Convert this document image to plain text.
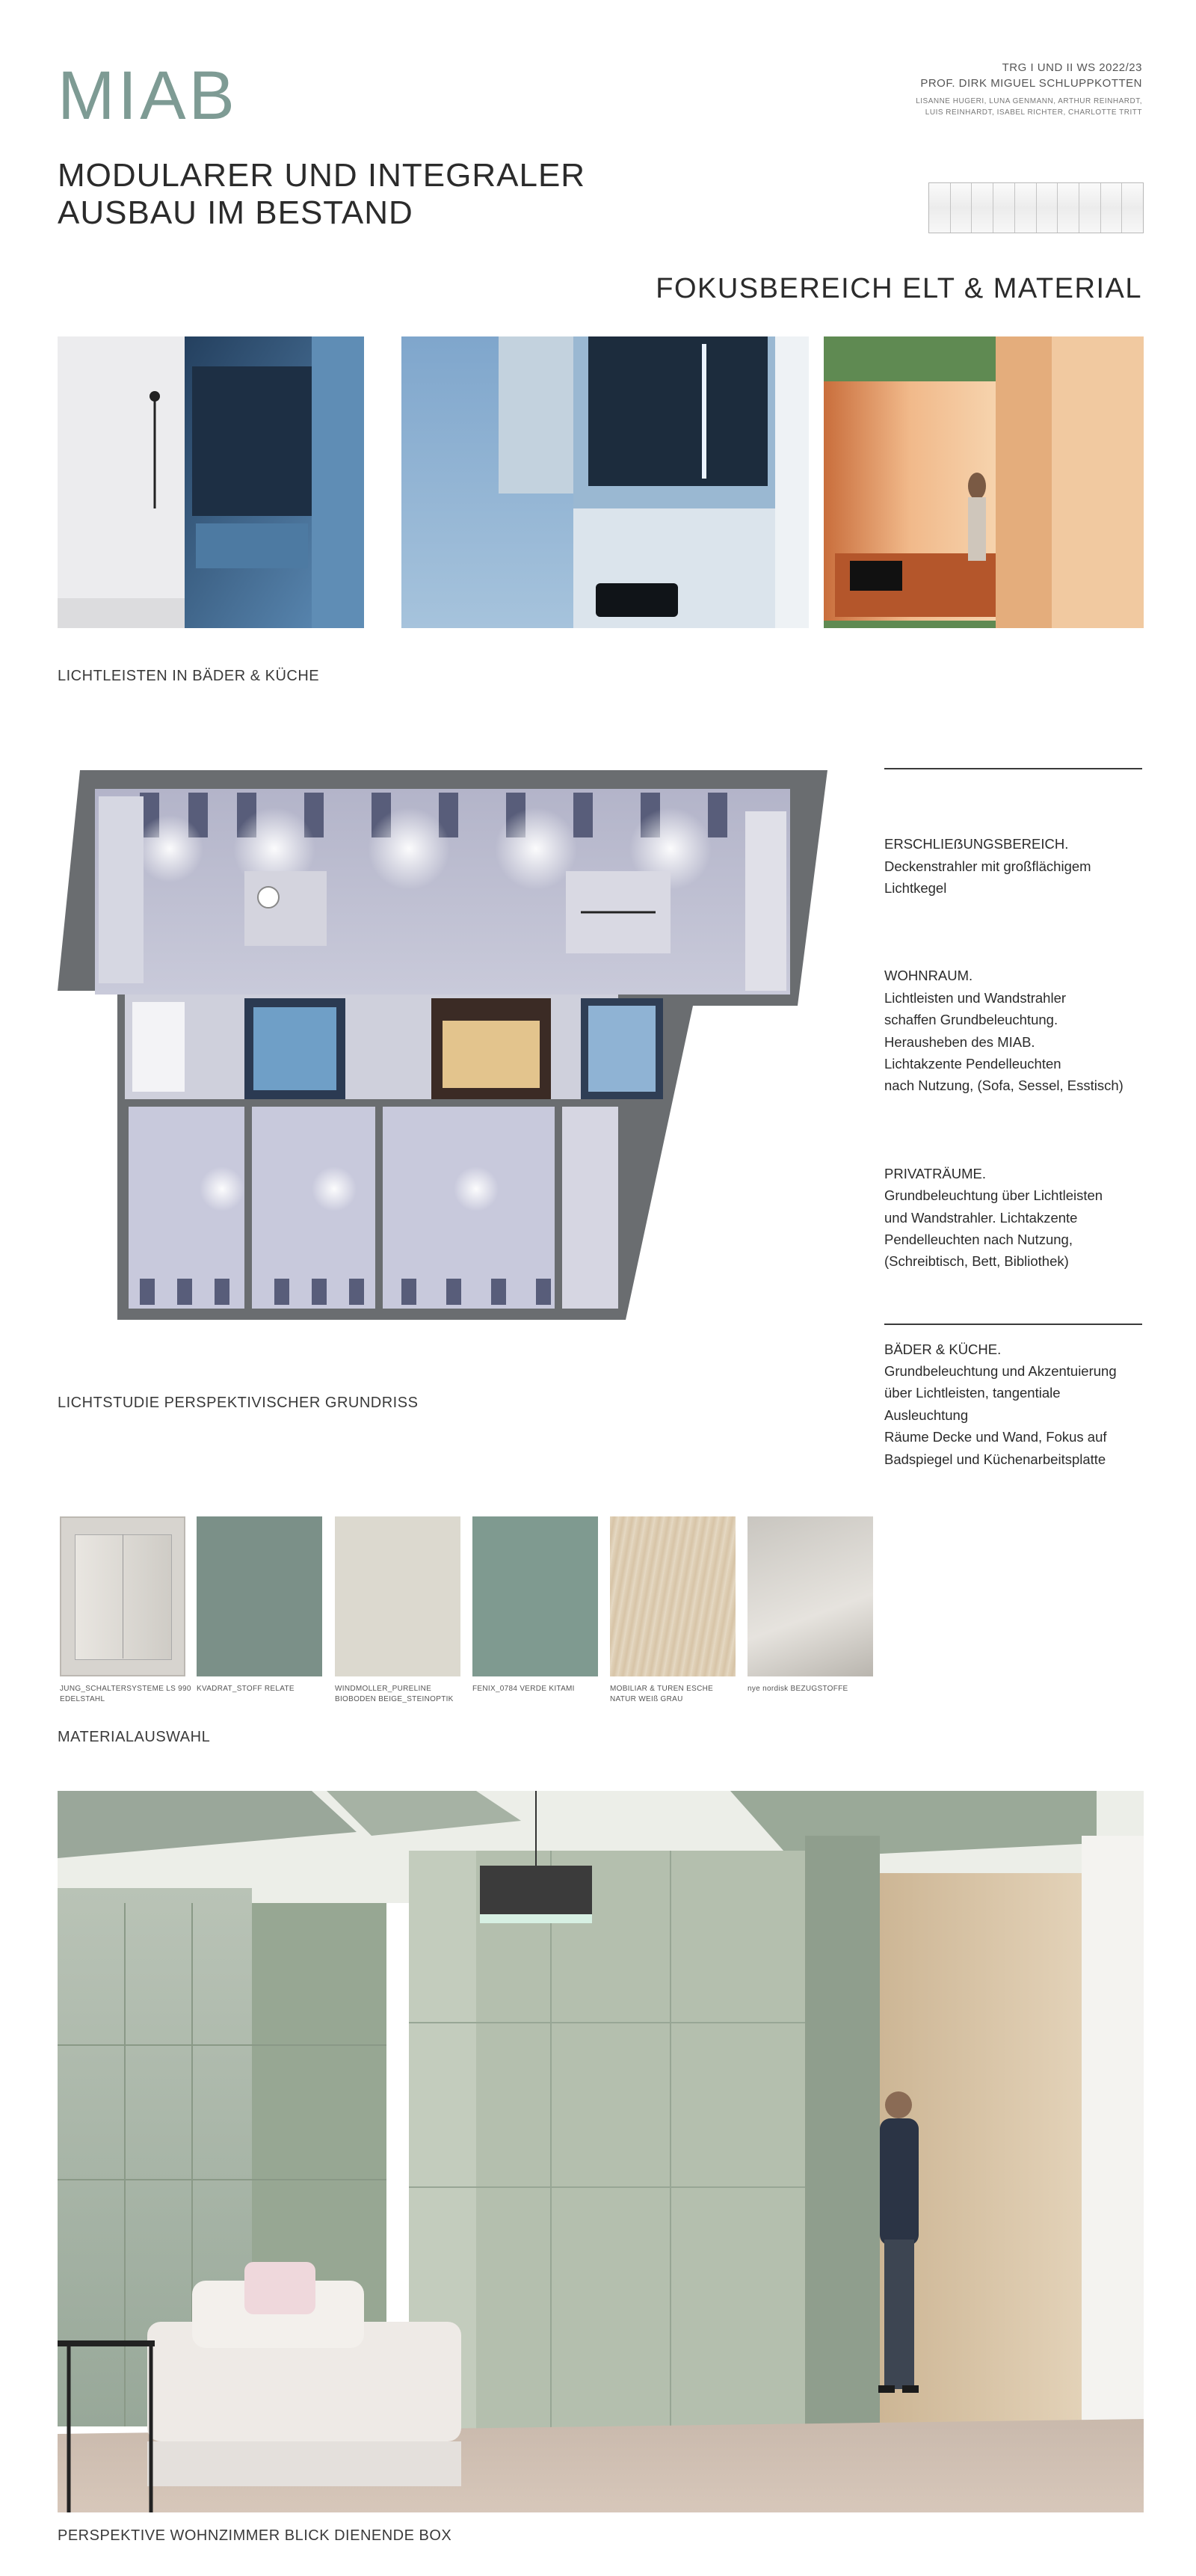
MIAB
MODULARER UND INTEGRALER
AUSBAU IM BESTAND
TRG I UND II WS 2022/23
PROF. DIRK MIGUEL SCHLUPPKOTTEN
LISANNE HUGERI, LUNA GENMANN, ARTHUR REINHARDT,
LUIS REINHARDT, ISABEL RICHTER, CHARLOTTE TRITT
FOKUSBEREICH ELT & MATERIAL
LICHTLEISTEN IN BÄDER & KÜCHE

ERSCHLIEẞUNGSBEREICH.
Deckenstrahler mit großflächigem
Lichtkegel

WOHNRAUM.
Lichtleisten und Wandstrahler
schaffen Grundbeleuchtung.
Herausheben des MIAB.
Lichtakzente Pendelleuchten
nach Nutzung, (Sofa, Sessel, Esstisch)

PRIVATRÄUME.
Grundbeleuchtung über Lichtleisten
und Wandstrahler. Lichtakzente
Pendelleuchten nach Nutzung,
(Schreibtisch, Bett, Bibliothek)

BÄDER & KÜCHE.
Grundbeleuchtung und Akzentuierung
über Lichtleisten, tangentiale Ausleuchtung
Räume Decke und Wand, Fokus auf
Badspiegel und Küchenarbeitsplatte

LICHTSTUDIE PERSPEKTIVISCHER GRUNDRISS
JUNG_SCHALTERSYSTEME LS 990 EDELSTAHL
KVADRAT_STOFF RELATE	WINDMOLLER_PURELINE BIOBODEN BEIGE_STEINOPTIK
FENIX_0784 VERDE KITAMI	MOBILIAR & TUREN ESCHE NATUR WEIß GRAU
nye nordisk BEZUGSTOFFE
MATERIALAUSWAHL
PERSPEKTIVE WOHNZIMMER BLICK DIENENDE BOX
